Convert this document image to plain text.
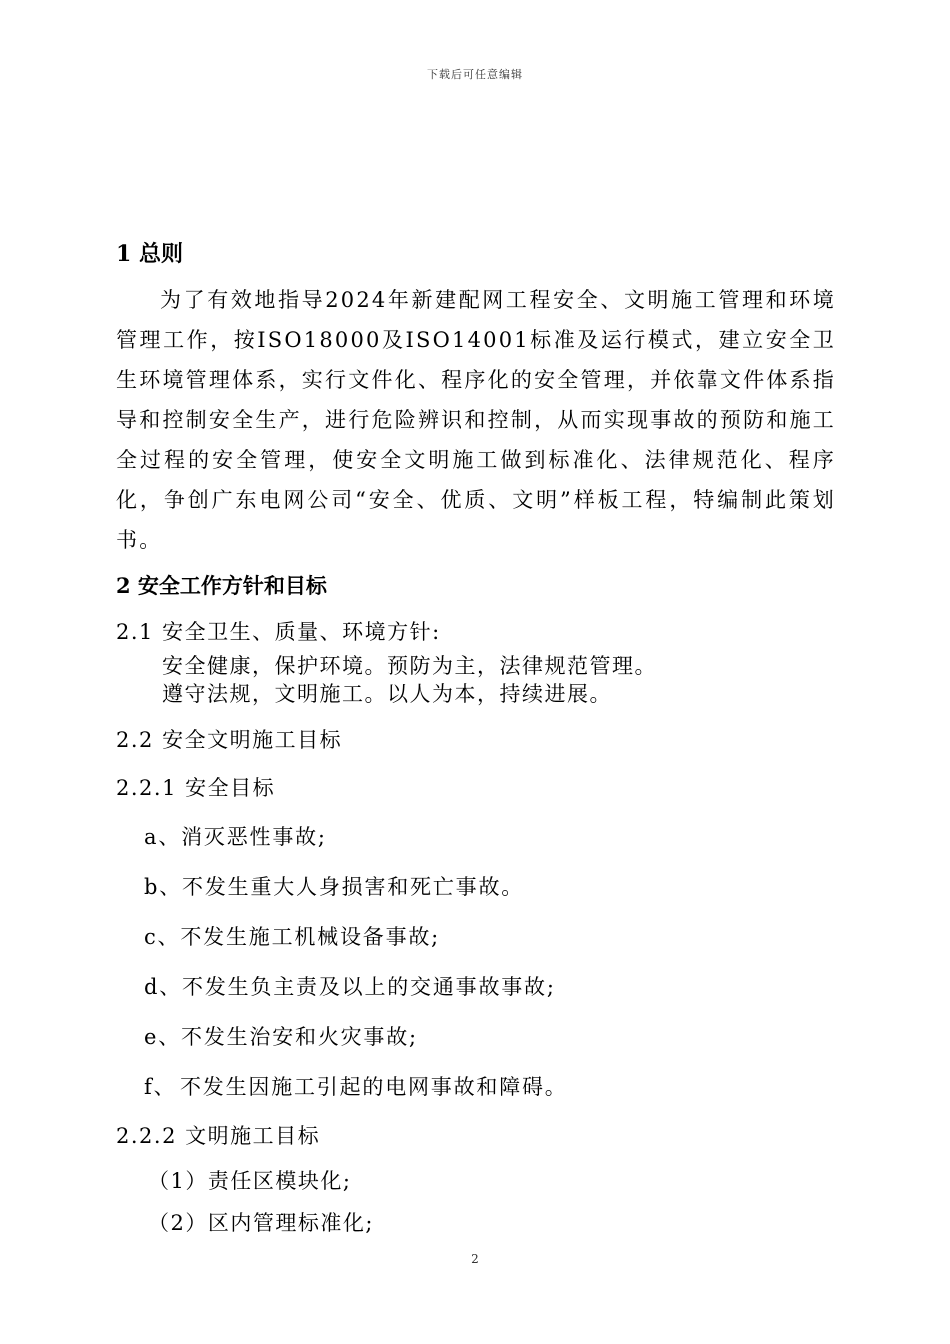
下载后可任意编辑
1 总则

为了有效地指导2024年新建配网工程安全、文明施工管理和环境管理工作，按ISO18000及ISO14001标准及运行模式，建立安全卫生环境管理体系，实行文件化、程序化的安全管理，并依靠文件体系指导和控制安全生产，进行危险辨识和控制，从而实现事故的预防和施工全过程的安全管理，使安全文明施工做到标准化、法律规范化、程序化，争创广东电网公司“安全、优质、文明”样板工程，特编制此策划书。

2 安全工作方针和目标
2.1 安全卫生、质量、环境方针:
安全健康，保护环境。预防为主，法律规范管理。
遵守法规，文明施工。以人为本，持续进展。
2.2 安全文明施工目标
2.2.1 安全目标
a、消灭恶性事故;
b、不发生重大人身损害和死亡事故。
c、不发生施工机械设备事故;
d、不发生负主责及以上的交通事故事故;
e、不发生治安和火灾事故;
f、 不发生因施工引起的电网事故和障碍。
2.2.2 文明施工目标
（1）责任区模块化;
（2）区内管理标准化;
2
